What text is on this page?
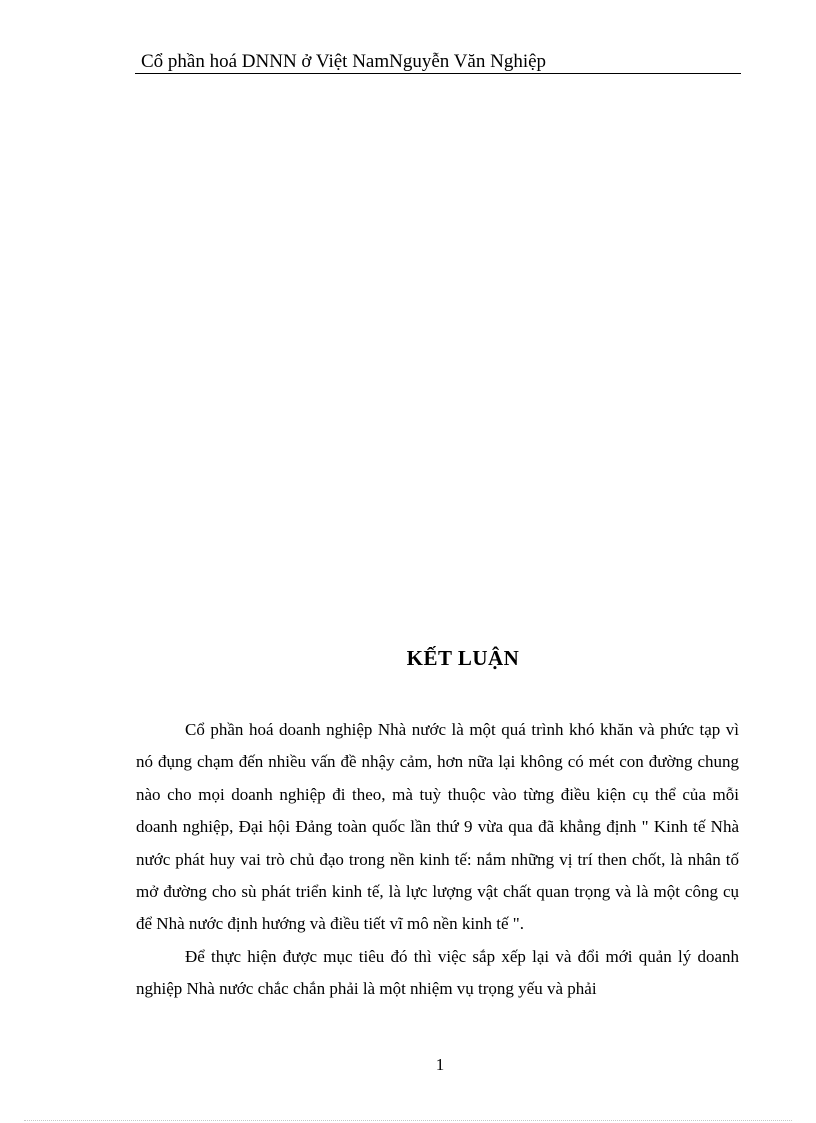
Cổ phần hoá DNNN ở Việt NamNguyễn Văn Nghiệp
KẾT LUẬN

Cổ phần hoá doanh nghiệp Nhà nước là một quá trình khó khăn và phức tạp vì nó đụng chạm đến nhiều vấn đề nhậy cảm, hơn nữa lại không có mét con đường chung nào cho mọi doanh nghiệp đi theo, mà tuỳ thuộc vào từng điều kiện cụ thể của mỗi doanh nghiệp, Đại hội Đảng toàn quốc lần thứ 9 vừa qua đã khẳng định " Kinh tế Nhà nước phát huy vai trò chủ đạo trong nền kinh tế: nắm những vị trí then chốt, là nhân tố mở đường cho sù phát triển kinh tế, là lực lượng vật chất quan trọng và là một công cụ để Nhà nước định hướng và điều tiết vĩ mô nền kinh tế ".

Để thực hiện được mục tiêu đó thì việc sắp xếp lại và đổi mới quản lý doanh nghiệp Nhà nước chắc chắn phải là một nhiệm vụ trọng yếu và phải

1
